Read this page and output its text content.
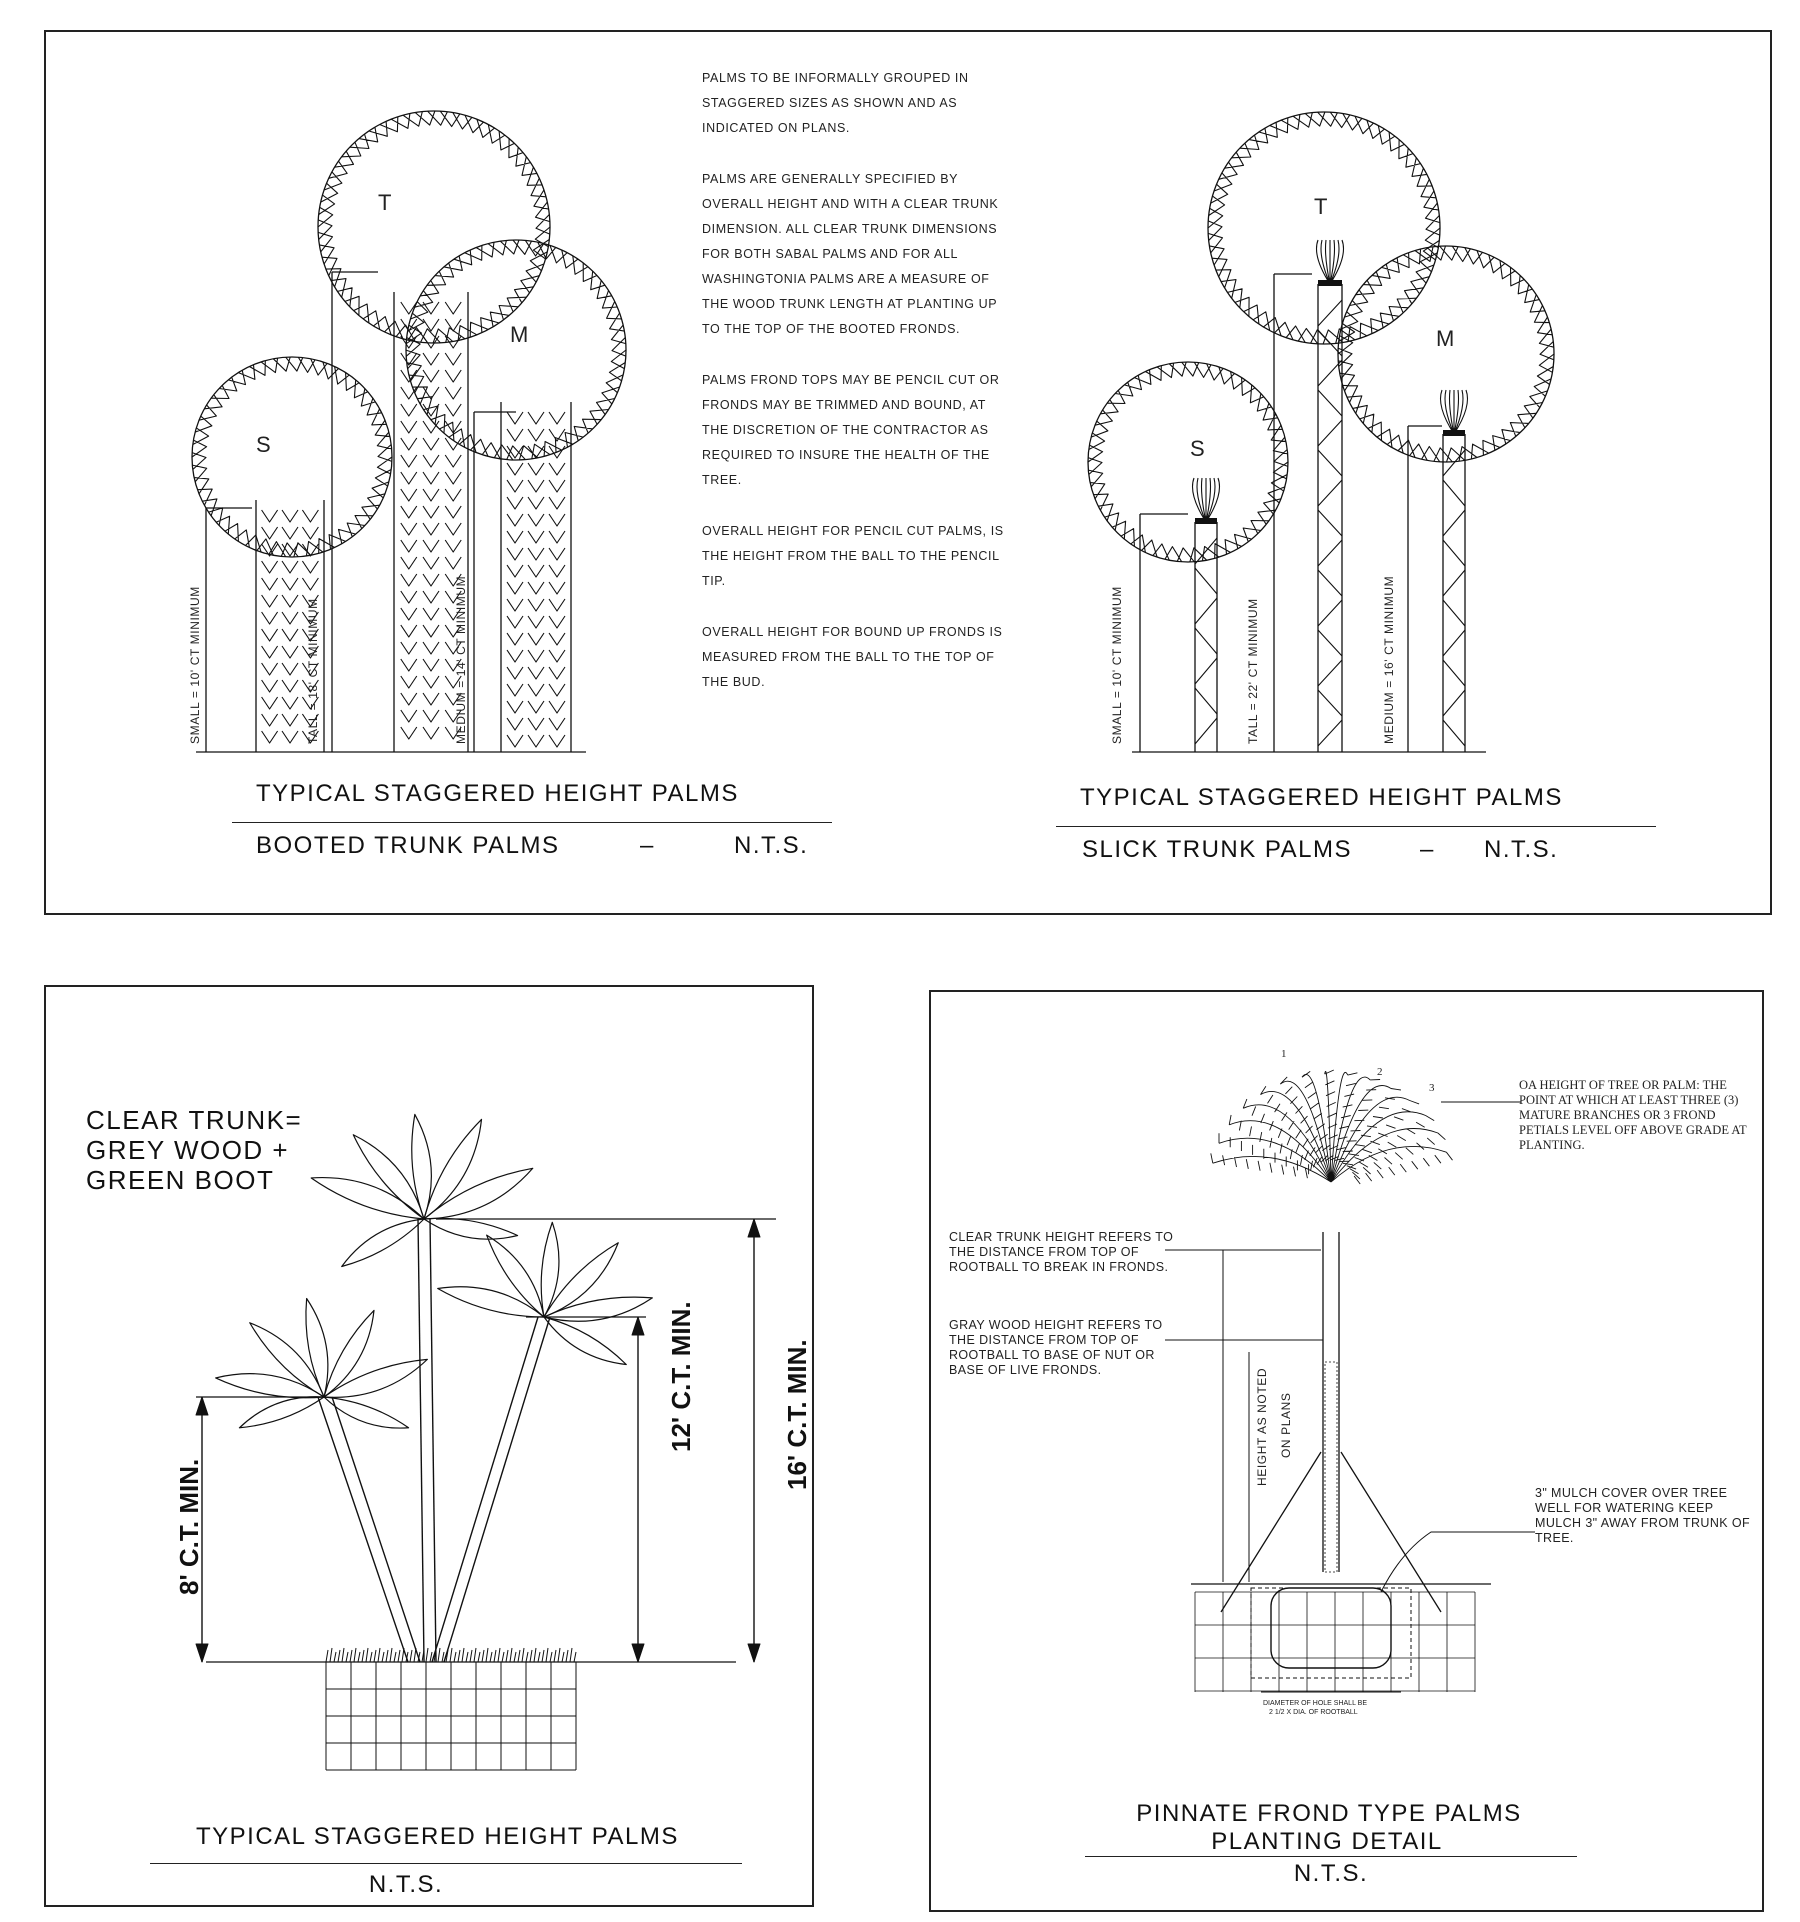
T
M
S
SMALL = 10' CT MINIMUM	TALL = 18' CT MINIMUM	MEDIUM = 14' CT MINIMUM
TYPICAL STAGGERED HEIGHT PALMS
BOOTED TRUNK PALMS	–	N.T.S.

PALMS TO BE INFORMALLY GROUPED IN STAGGERED SIZES AS SHOWN AND AS INDICATED ON PLANS.

PALMS ARE GENERALLY SPECIFIED BY OVERALL HEIGHT AND WITH A CLEAR TRUNK DIMENSION. ALL CLEAR TRUNK DIMENSIONS FOR BOTH SABAL PALMS AND FOR ALL WASHINGTONIA PALMS ARE A MEASURE OF THE WOOD TRUNK LENGTH AT PLANTING UP TO THE TOP OF THE BOOTED FRONDS.

PALMS FROND TOPS MAY BE PENCIL CUT OR FRONDS MAY BE TRIMMED AND BOUND, AT THE DISCRETION OF THE CONTRACTOR AS REQUIRED TO INSURE THE HEALTH OF THE TREE.

OVERALL HEIGHT FOR PENCIL CUT PALMS, IS THE HEIGHT FROM THE BALL TO THE PENCIL TIP.

OVERALL HEIGHT FOR BOUND UP FRONDS IS MEASURED FROM THE BALL TO THE TOP OF THE BUD.

T
M
S
SMALL = 10' CT MINIMUM	TALL = 22' CT MINIMUM	MEDIUM = 16' CT MINIMUM
TYPICAL STAGGERED HEIGHT PALMS
SLICK TRUNK PALMS	– N.T.S.
CLEAR TRUNK=
GREY WOOD +
GREEN BOOT
8' C.T. MIN.
12' C.T. MIN.	16' C.T. MIN.
TYPICAL STAGGERED HEIGHT PALMS
N.T.S.
1
2
3	OA HEIGHT OF TREE OR PALM: THE POINT AT WHICH AT LEAST THREE (3) MATURE BRANCHES OR 3 FROND PETIALS LEVEL OFF ABOVE GRADE AT PLANTING.
CLEAR TRUNK HEIGHT REFERS TO THE DISTANCE FROM TOP OF ROOTBALL TO BREAK IN FRONDS.
GRAY WOOD HEIGHT REFERS TO THE DISTANCE FROM TOP OF ROOTBALL TO BASE OF NUT OR BASE OF LIVE FRONDS.
3" MULCH COVER OVER TREE WELL FOR WATERING KEEP MULCH 3" AWAY FROM TRUNK OF TREE.
HEIGHT AS NOTED ON PLANS
DIAMETER OF HOLE SHALL BE
2 1/2 X DIA. OF ROOTBALL
PINNATE FROND TYPE PALMS
PLANTING DETAIL
N.T.S.
